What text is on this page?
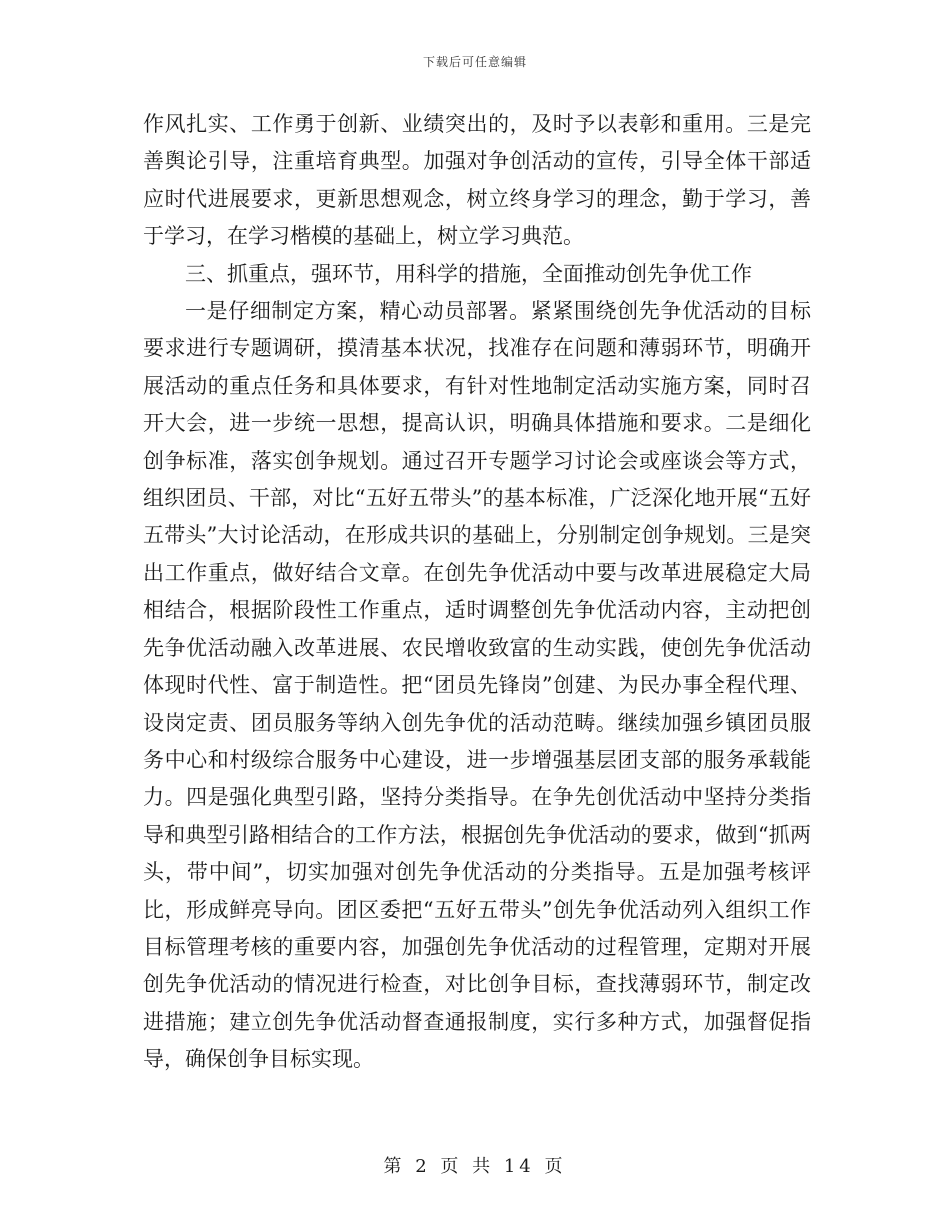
下载后可任意编辑

作风扎实、工作勇于创新、业绩突出的，及时予以表彰和重用。三是完善舆论引导，注重培育典型。加强对争创活动的宣传，引导全体干部适应时代进展要求，更新思想观念，树立终身学习的理念，勤于学习，善于学习，在学习楷模的基础上，树立学习典范。

三、抓重点，强环节，用科学的措施，全面推动创先争优工作

一是仔细制定方案，精心动员部署。紧紧围绕创先争优活动的目标要求进行专题调研，摸清基本状况，找准存在问题和薄弱环节，明确开展活动的重点任务和具体要求，有针对性地制定活动实施方案，同时召开大会，进一步统一思想，提高认识，明确具体措施和要求。二是细化创争标准，落实创争规划。通过召开专题学习讨论会或座谈会等方式，组织团员、干部，对比“五好五带头”的基本标准，广泛深化地开展“五好五带头”大讨论活动，在形成共识的基础上，分别制定创争规划。三是突出工作重点，做好结合文章。在创先争优活动中要与改革进展稳定大局相结合，根据阶段性工作重点，适时调整创先争优活动内容，主动把创先争优活动融入改革进展、农民增收致富的生动实践，使创先争优活动体现时代性、富于制造性。把“团员先锋岗”创建、为民办事全程代理、设岗定责、团员服务等纳入创先争优的活动范畴。继续加强乡镇团员服务中心和村级综合服务中心建设，进一步增强基层团支部的服务承载能力。四是强化典型引路，坚持分类指导。在争先创优活动中坚持分类指导和典型引路相结合的工作方法，根据创先争优活动的要求，做到“抓两头，带中间”，切实加强对创先争优活动的分类指导。五是加强考核评比，形成鲜亮导向。团区委把“五好五带头”创先争优活动列入组织工作目标管理考核的重要内容，加强创先争优活动的过程管理，定期对开展创先争优活动的情况进行检查，对比创争目标，查找薄弱环节，制定改进措施；建立创先争优活动督查通报制度，实行多种方式，加强督促指导，确保创争目标实现。

第 2 页 共 14 页
